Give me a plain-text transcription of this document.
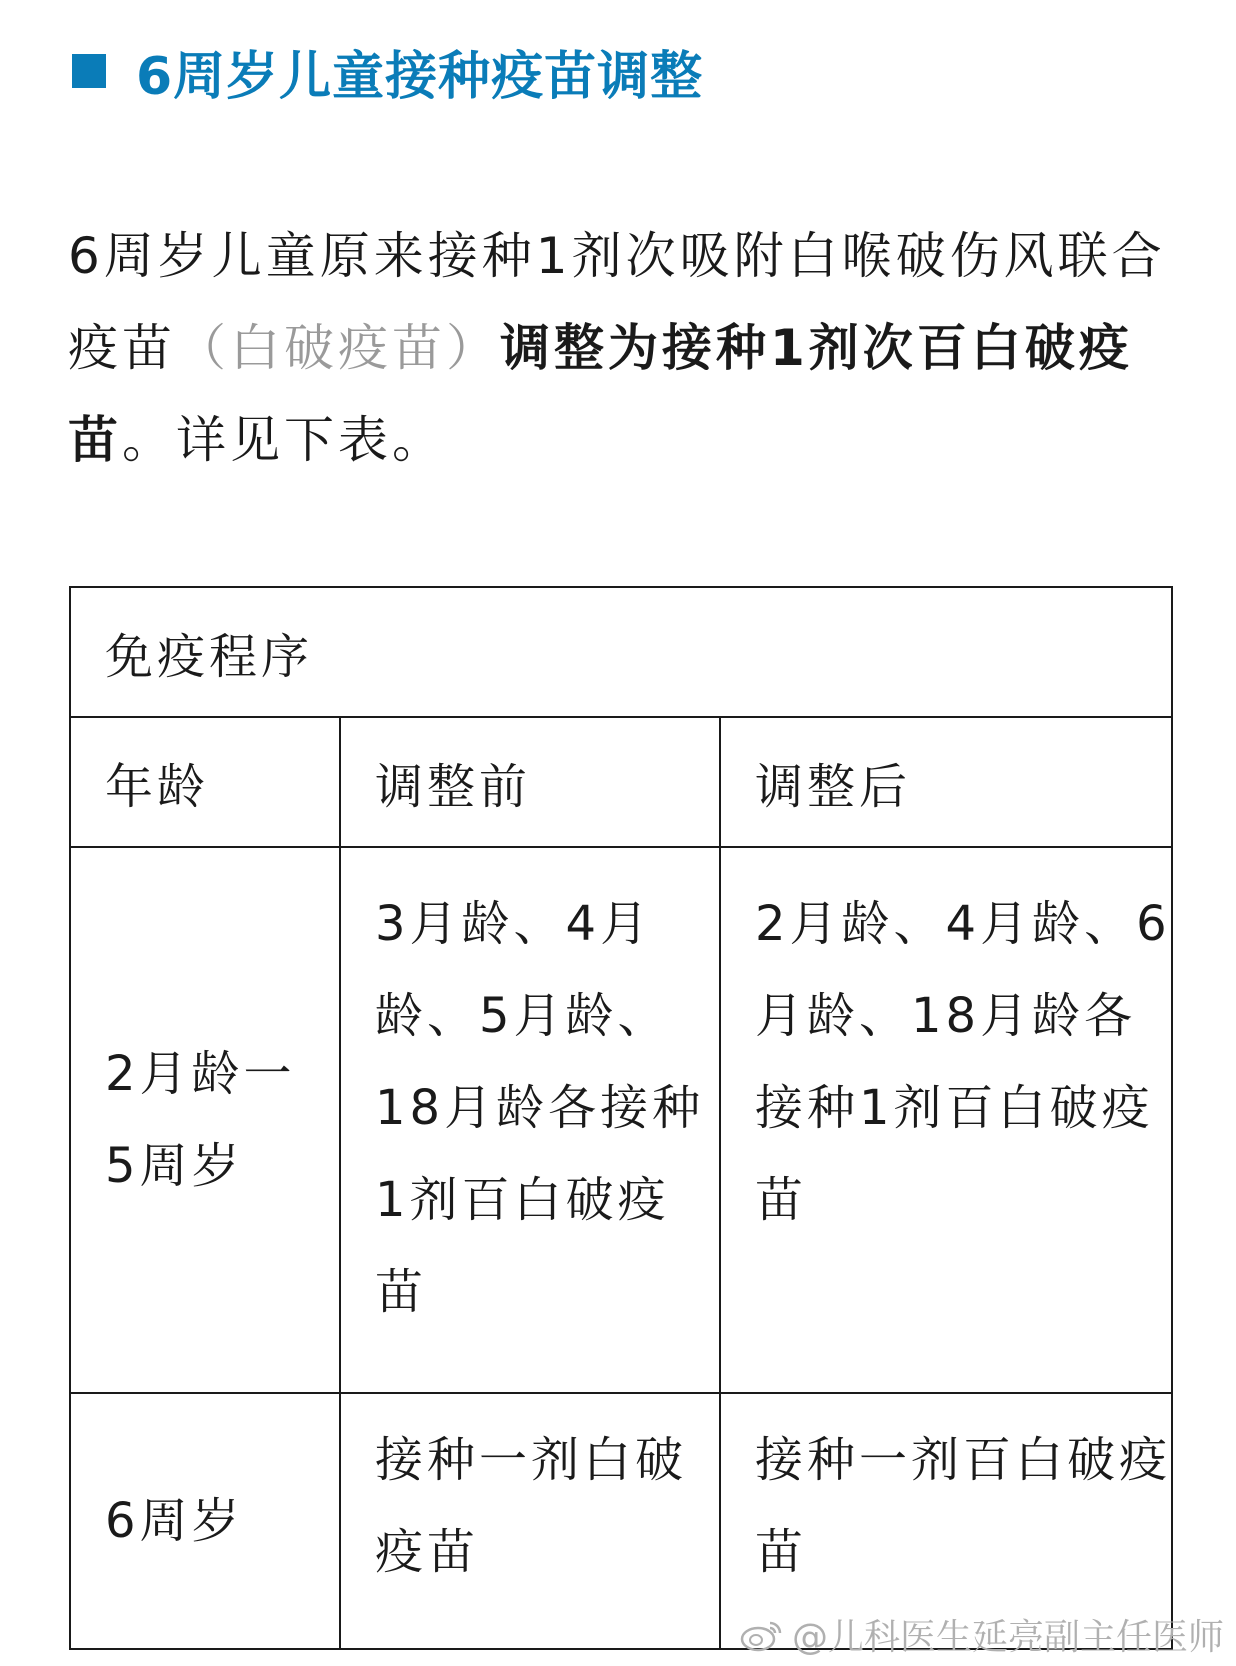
6周岁儿童接种疫苗调整
6周岁儿童原来接种1剂次吸附白喉破伤风联合疫苗（白破疫苗）调整为接种1剂次百白破疫苗。详见下表。
免疫程序		
年龄	调整前	调整后

2月龄一
5周岁	3月龄、4月龄、5月龄、18月龄各接种1剂百白破疫苗	2月龄、4月龄、6月龄、18月龄各接种1剂百白破疫苗

6周岁	接种一剂白破疫苗	接种一剂百白破疫苗
@儿科医生延亮副主任医师
